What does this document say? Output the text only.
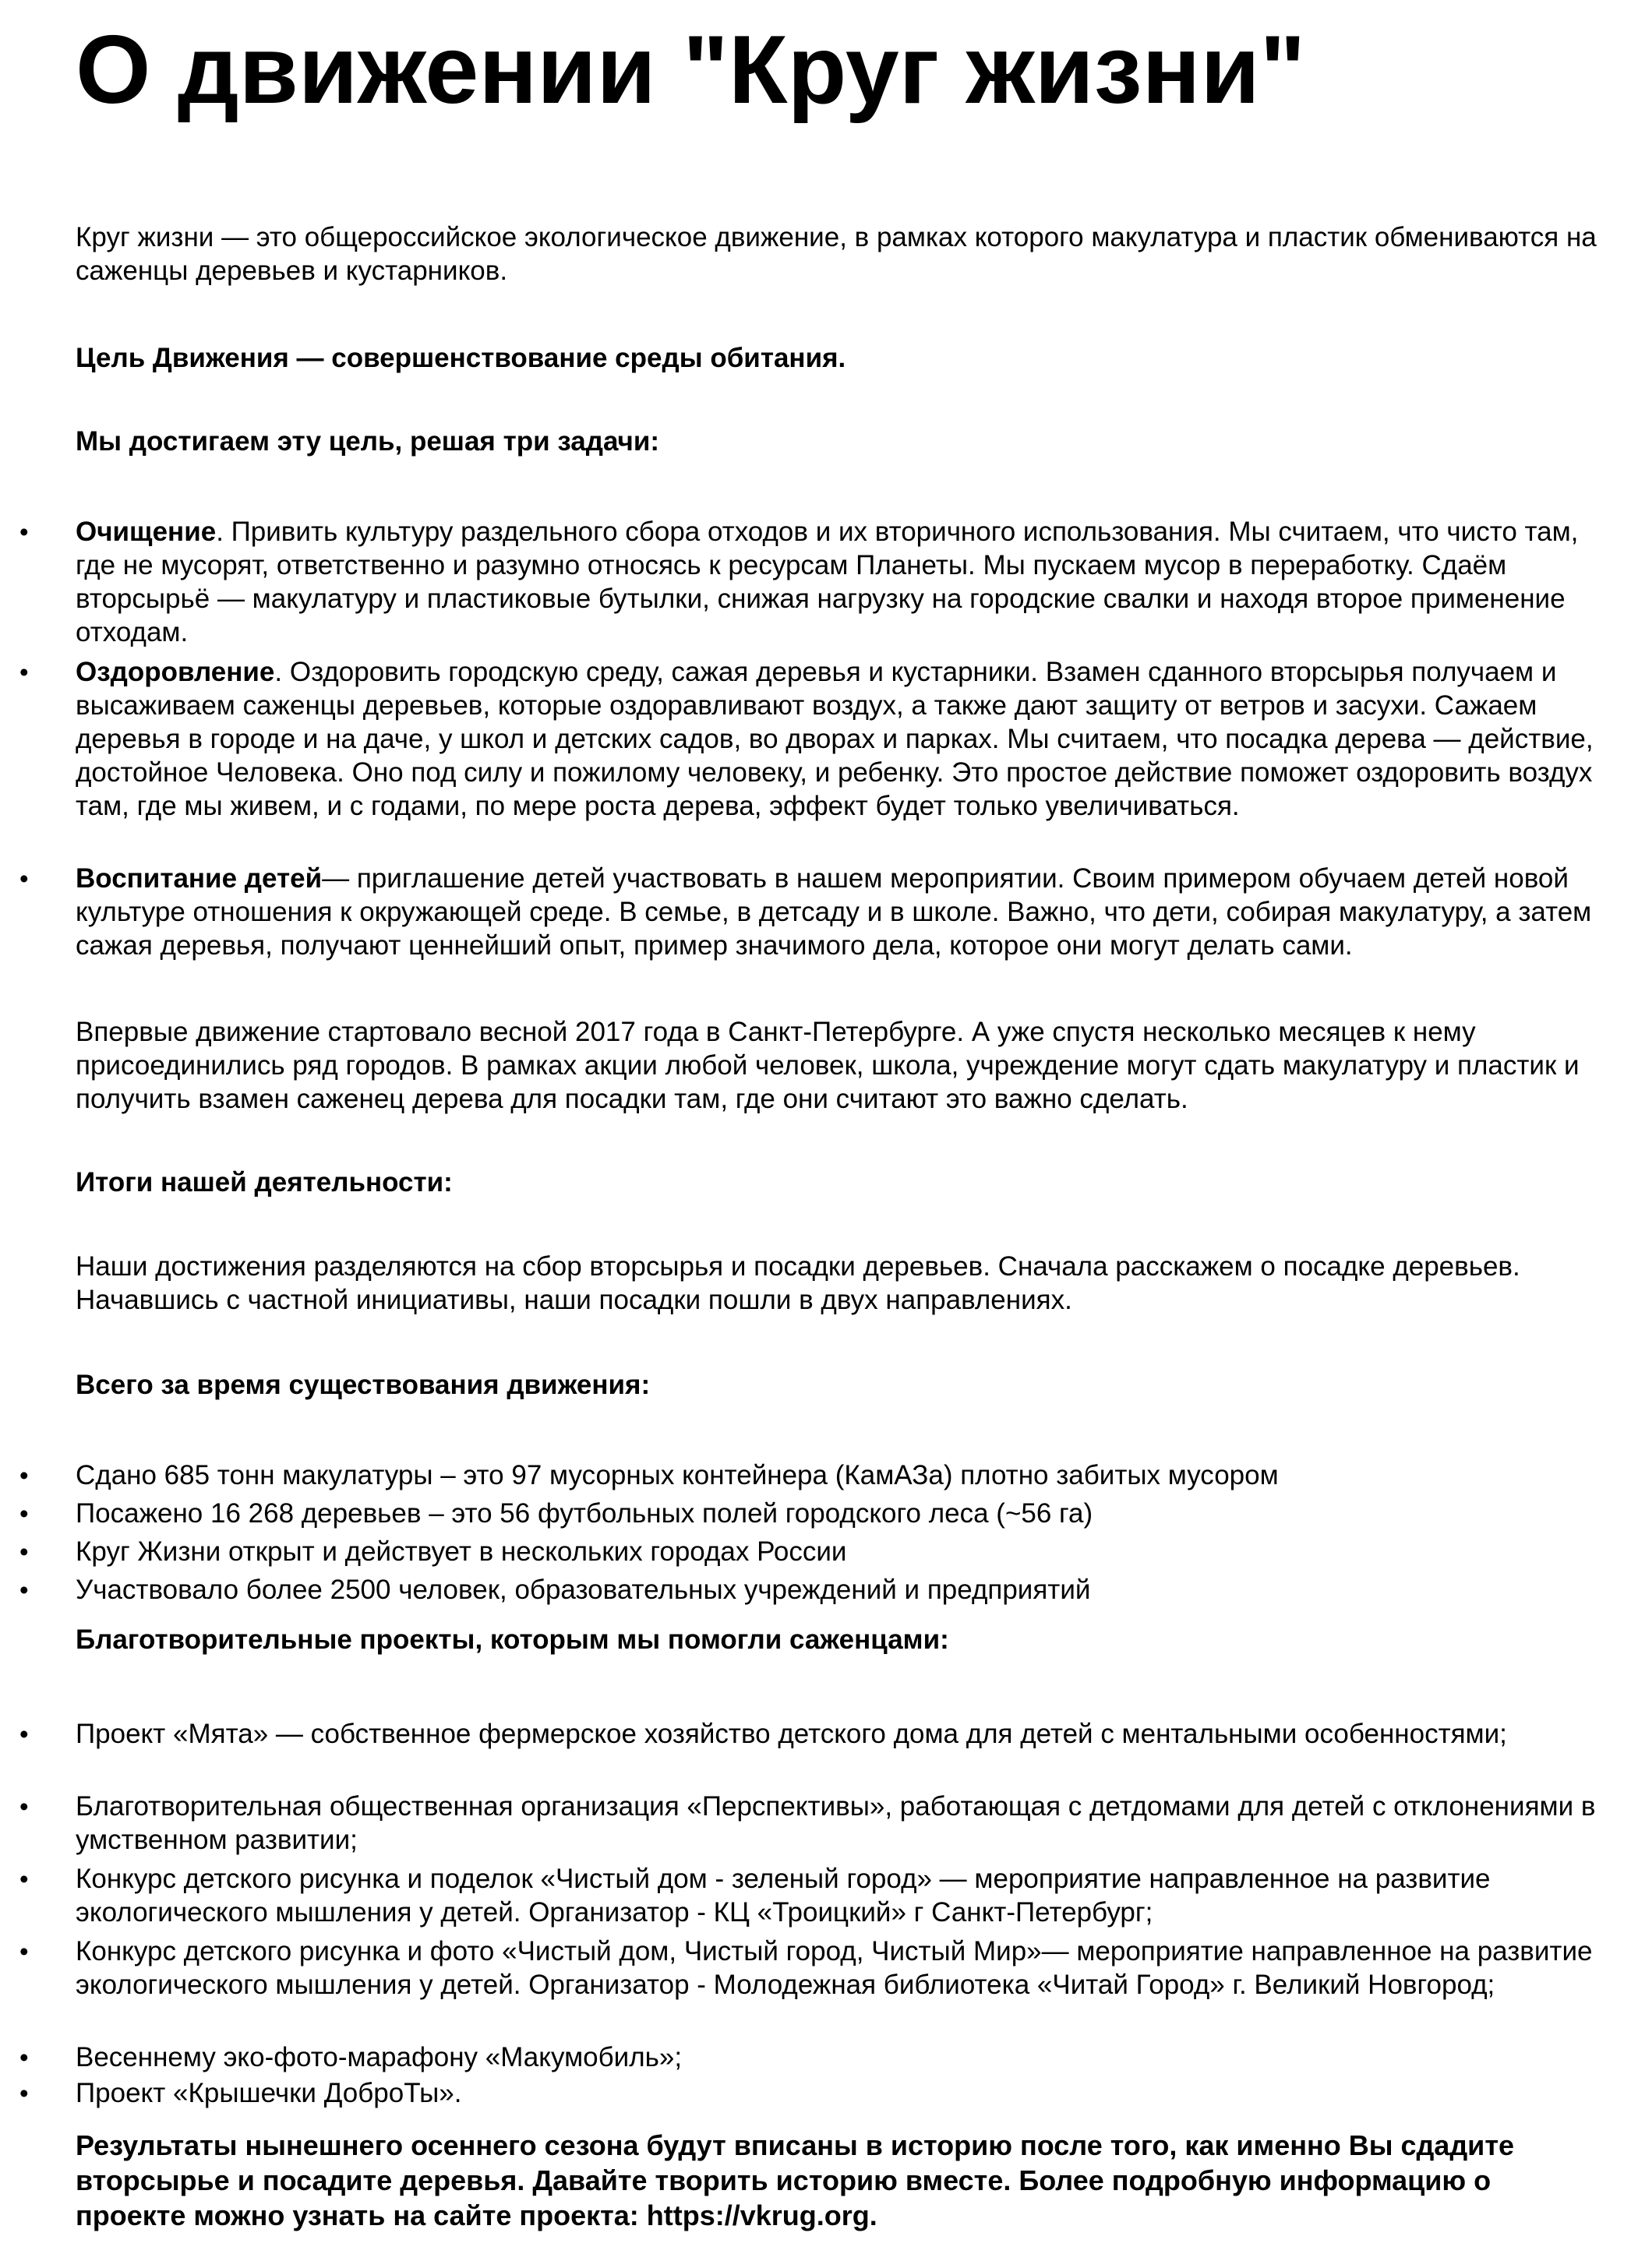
О движении "Круг жизни"

Круг жизни — это общероссийское экологическое движение, в рамках которого макулатура и пластик обмениваются на саженцы деревьев и кустарников.

Цель Движения — совершенствование среды обитания.

Мы достигаем эту цель, решая три задачи:

• Очищение. Привить культуру раздельного сбора отходов и их вторичного использования. Мы считаем, что чисто там, где не мусорят, ответственно и разумно относясь к ресурсам Планеты. Мы пускаем мусор в переработку. Сдаём вторсырьё — макулатуру и пластиковые бутылки, снижая нагрузку на городские свалки и находя второе применение отходам.
• Оздоровление. Оздоровить городскую среду, сажая деревья и кустарники. Взамен сданного вторсырья получаем и высаживаем саженцы деревьев, которые оздоравливают воздух, а также дают защиту от ветров и засухи. Сажаем деревья в городе и на даче, у школ и детских садов, во дворах и парках. Мы считаем, что посадка дерева — действие, достойное Человека. Оно под силу и пожилому человеку, и ребенку. Это простое действие поможет оздоровить воздух там, где мы живем, и с годами, по мере роста дерева, эффект будет только увеличиваться.
• Воспитание детей— приглашение детей участвовать в нашем мероприятии. Своим примером обучаем детей новой культуре отношения к окружающей среде. В семье, в детсаду и в школе. Важно, что дети, собирая макулатуру, а затем сажая деревья, получают ценнейший опыт, пример значимого дела, которое они могут делать сами.

Впервые движение стартовало весной 2017 года в Санкт-Петербурге. А уже спустя несколько месяцев к нему присоединились ряд городов. В рамках акции любой человек, школа, учреждение могут сдать макулатуру и пластик и получить взамен саженец дерева для посадки там, где они считают это важно сделать.

Итоги нашей деятельности:

Наши достижения разделяются на сбор вторсырья и посадки деревьев. Сначала расскажем о посадке деревьев. Начавшись с частной инициативы, наши посадки пошли в двух направлениях.

Всего за время существования движения:

• Сдано 685 тонн макулатуры – это 97 мусорных контейнера (КамАЗа) плотно забитых мусором
• Посажено 16 268 деревьев – это 56 футбольных полей городского леса (~56 га)
• Круг Жизни открыт и действует в нескольких городах России
• Участвовало более 2500 человек, образовательных учреждений и предприятий

Благотворительные проекты, которым мы помогли саженцами:

• Проект «Мята» — собственное фермерское хозяйство детского дома для детей с ментальными особенностями;
• Благотворительная общественная организация «Перспективы», работающая с детдомами для детей с отклонениями в умственном развитии;
• Конкурс детского рисунка и поделок «Чистый дом - зеленый город» — мероприятие направленное на развитие экологического мышления у детей. Организатор - КЦ «Троицкий» г Санкт-Петербург;
• Конкурс детского рисунка и фото «Чистый дом, Чистый город, Чистый Мир»— мероприятие направленное на развитие экологического мышления у детей. Организатор - Молодежная библиотека «Читай Город» г. Великий Новгород;
• Весеннему эко-фото-марафону «Макумобиль»;
• Проект «Крышечки ДоброТы».

Результаты нынешнего осеннего сезона будут вписаны в историю после того, как именно Вы сдадите вторсырье и посадите деревья. Давайте творить историю вместе. Более подробную информацию о проекте можно узнать на сайте проекта: https://vkrug.org.
